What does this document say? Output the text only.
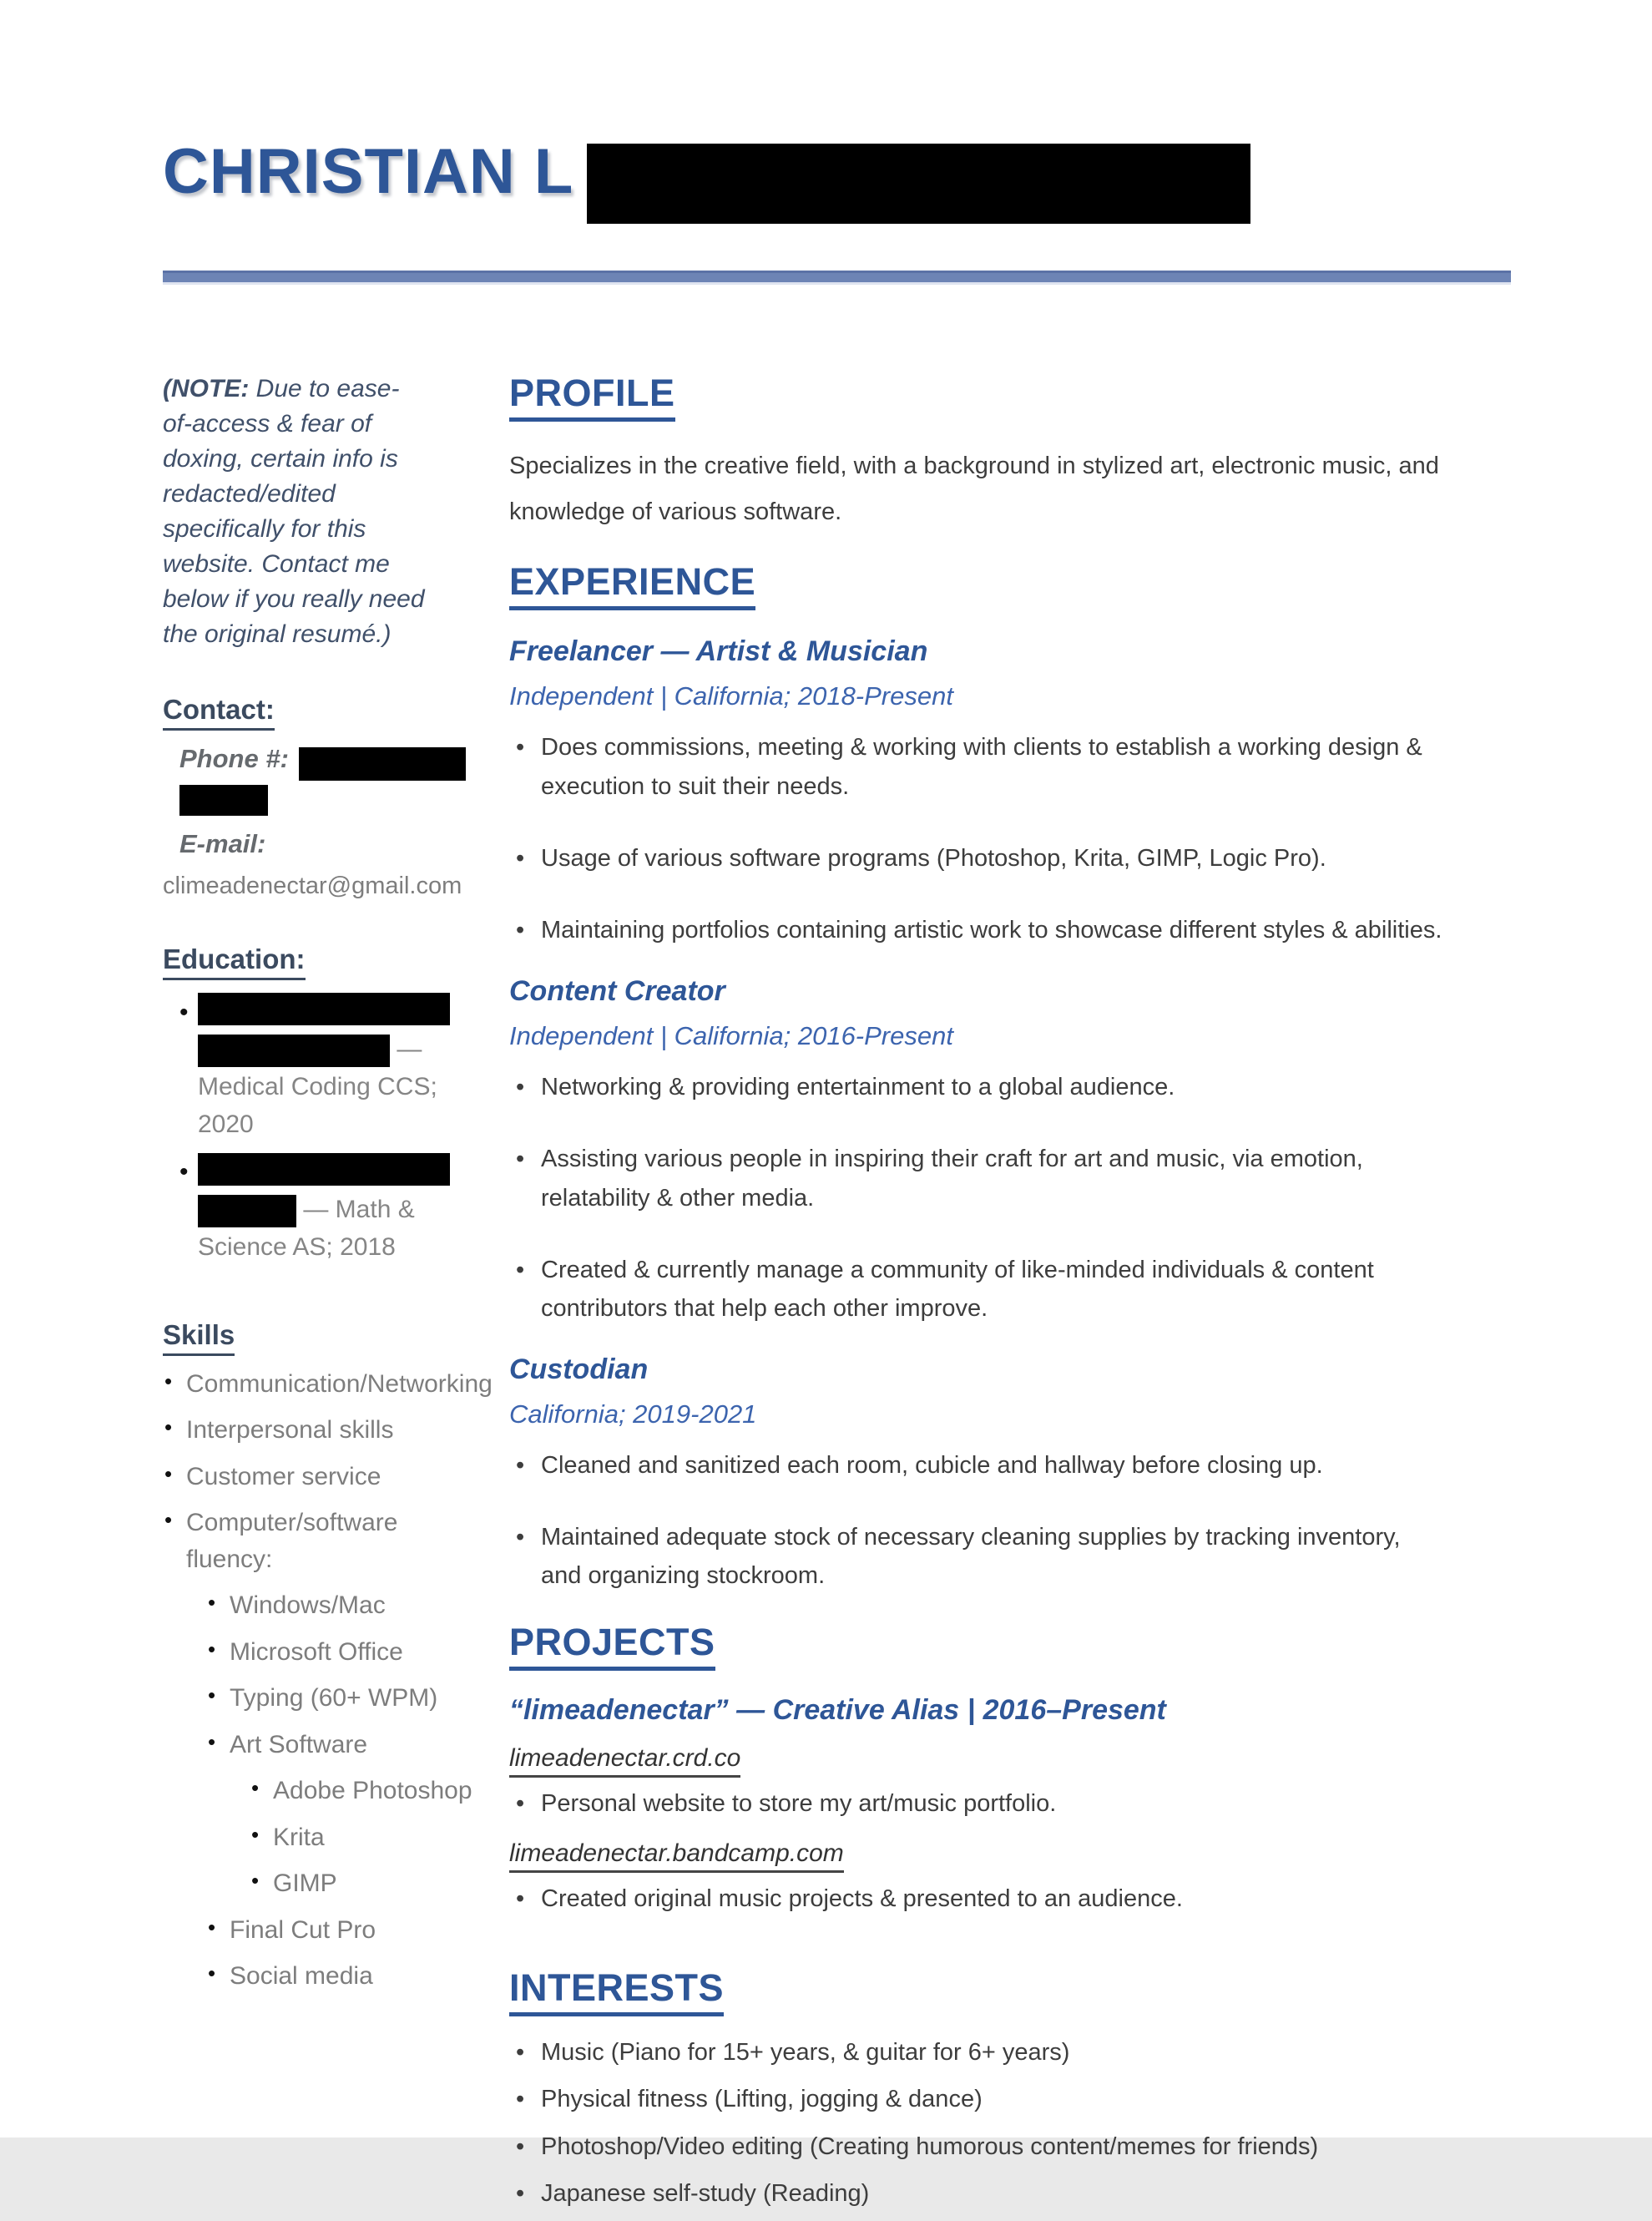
CHRISTIAN L
(NOTE: Due to ease-of-access & fear of doxing, certain info is redacted/edited specifically for this website. Contact me below if you really need the original resumé.)
Contact:
Phone #:
E-mail:
climeadenectar@gmail.com
Education:
• — Medical Coding CCS; 2020
• — Math & Science AS; 2018
Skills
• Communication/Networking
• Interpersonal skills
• Customer service
• Computer/software fluency:
• Windows/Mac
• Microsoft Office
• Typing (60+ WPM)
• Art Software
• Adobe Photoshop
• Krita
• GIMP
• Final Cut Pro
• Social media
PROFILE
Specializes in the creative field, with a background in stylized art, electronic music, and knowledge of various software.
EXPERIENCE
Freelancer — Artist & Musician
Independent | California; 2018-Present
• Does commissions, meeting & working with clients to establish a working design & execution to suit their needs.
• Usage of various software programs (Photoshop, Krita, GIMP, Logic Pro).
• Maintaining portfolios containing artistic work to showcase different styles & abilities.
Content Creator
Independent | California; 2016-Present
• Networking & providing entertainment to a global audience.
• Assisting various people in inspiring their craft for art and music, via emotion, relatability & other media.
• Created & currently manage a community of like-minded individuals & content contributors that help each other improve.
Custodian
California; 2019-2021
• Cleaned and sanitized each room, cubicle and hallway before closing up.
• Maintained adequate stock of necessary cleaning supplies by tracking inventory, and organizing stockroom.
PROJECTS
“limeadenectar” — Creative Alias | 2016–Present
limeadenectar.crd.co
• Personal website to store my art/music portfolio.
limeadenectar.bandcamp.com
• Created original music projects & presented to an audience.
INTERESTS
• Music (Piano for 15+ years, & guitar for 6+ years)
• Physical fitness (Lifting, jogging & dance)
• Photoshop/Video editing (Creating humorous content/memes for friends)
• Japanese self-study (Reading)
